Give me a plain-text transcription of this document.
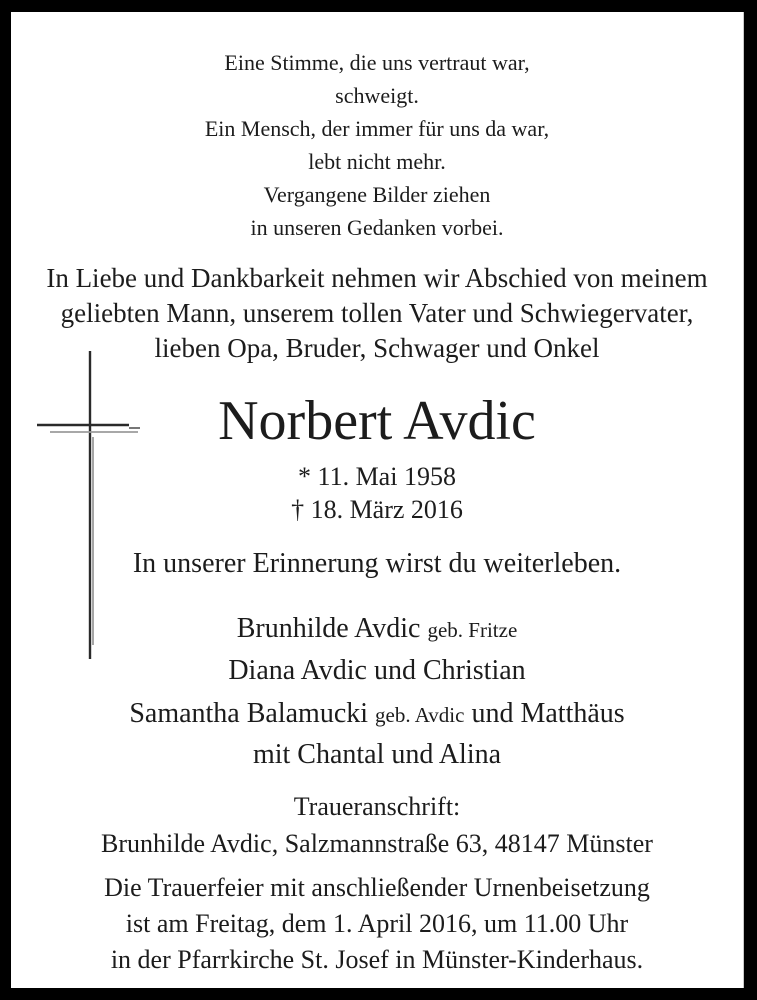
Eine Stimme, die uns vertraut war,
schweigt.
Ein Mensch, der immer für uns da war,
lebt nicht mehr.
Vergangene Bilder ziehen
in unseren Gedanken vorbei.
In Liebe und Dankbarkeit nehmen wir Abschied von meinem
geliebten Mann, unserem tollen Vater und Schwiegervater,
lieben Opa, Bruder, Schwager und Onkel
Norbert Avdic
* 11. Mai 1958
† 18. März 2016
In unserer Erinnerung wirst du weiterleben.
Brunhilde Avdic geb. Fritze
Diana Avdic und Christian
Samantha Balamucki geb. Avdic und Matthäus
mit Chantal und Alina
Traueranschrift:
Brunhilde Avdic, Salzmannstraße 63, 48147 Münster
Die Trauerfeier mit anschließender Urnenbeisetzung
ist am Freitag, dem 1. April 2016, um 11.00 Uhr
in der Pfarrkirche St. Josef in Münster-Kinderhaus.
